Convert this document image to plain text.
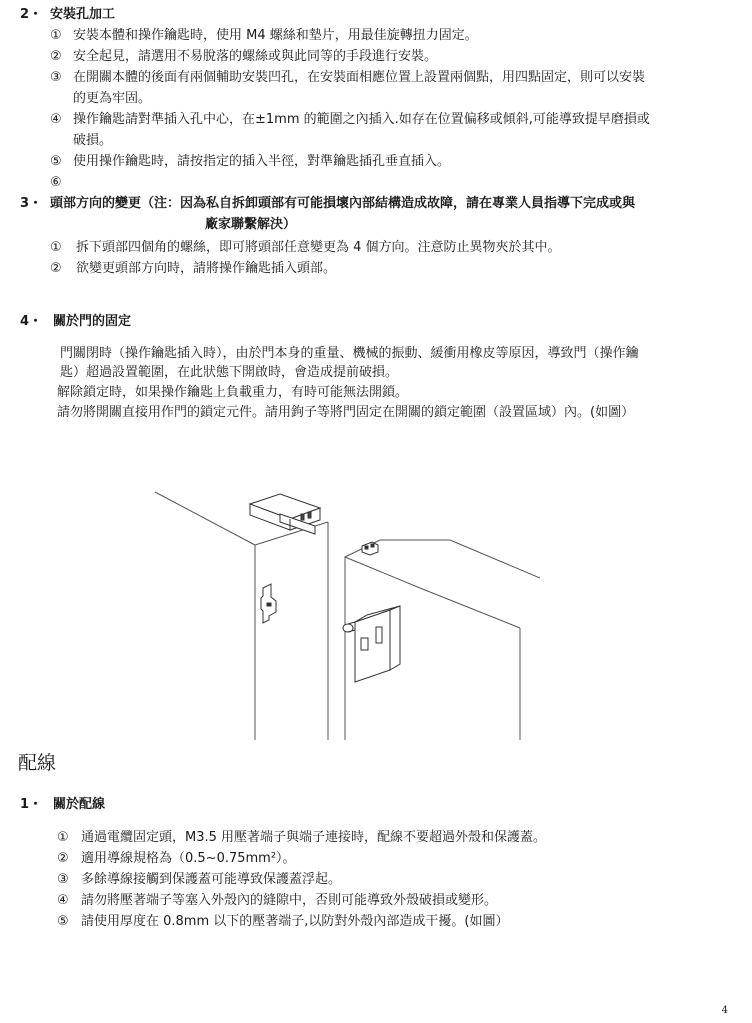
2・ 安裝孔加工
① 安裝本體和操作鑰匙時，使用 M4 螺絲和墊片，用最佳旋轉扭力固定。
② 安全起見，請選用不易脫落的螺絲或與此同等的手段進行安裝。
③ 在開關本體的後面有兩個輔助安裝凹孔，在安裝面相應位置上設置兩個點，用四點固定，則可以安裝
的更為牢固。
④ 操作鑰匙請對準插入孔中心，在±1mm 的範圍之內插入.如存在位置偏移或傾斜,可能導致提早磨損或
破損。
⑤ 使用操作鑰匙時，請按指定的插入半徑，對準鑰匙插孔垂直插入。
⑥
3・ 頭部方向的變更（注：因為私自拆卸頭部有可能損壞內部結構造成故障，請在專業人員指導下完成或與
廠家聯繫解決）
① 拆下頭部四個角的螺絲，即可將頭部任意變更為 4 個方向。注意防止異物夾於其中。
② 欲變更頭部方向時，請將操作鑰匙插入頭部。
4・ 關於門的固定
門關閉時（操作鑰匙插入時），由於門本身的重量、機械的振動、緩衝用橡皮等原因，導致門（操作鑰
匙）超過設置範圍，在此狀態下開啟時，會造成提前破損。
解除鎖定時，如果操作鑰匙上負載重力，有時可能無法開鎖。
請勿將開關直接用作門的鎖定元件。請用鉤子等將門固定在開關的鎖定範圍（設置區域）內。(如圖）
配線
1・ 關於配線
① 通過電纜固定頭，M3.5 用壓著端子與端子連接時，配線不要超過外殼和保護蓋。
② 適用導線規格為（0.5~0.75mm²）。
③ 多餘導線接觸到保護蓋可能導致保護蓋浮起。
④ 請勿將壓著端子等塞入外殼內的縫隙中，否則可能導致外殼破損或變形。
⑤ 請使用厚度在 0.8mm 以下的壓著端子,以防對外殼內部造成干擾。(如圖）
4
